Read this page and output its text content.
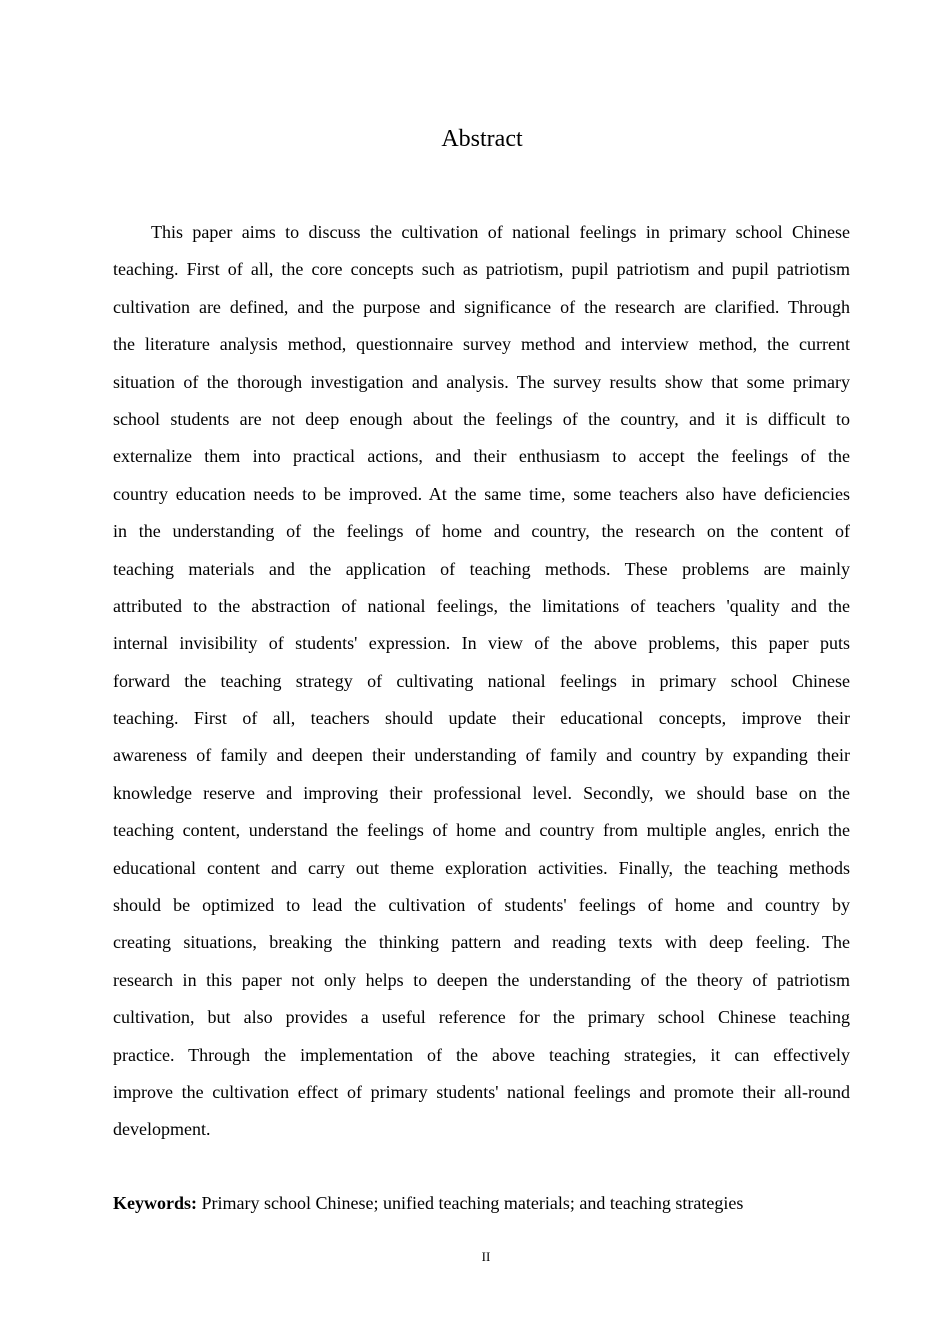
Abstract
This paper aims to discuss the cultivation of national feelings in primary school Chinese
teaching. First of all, the core concepts such as patriotism, pupil patriotism and pupil patriotism
cultivation are defined, and the purpose and significance of the research are clarified. Through
the literature analysis method, questionnaire survey method and interview method, the current
situation of the thorough investigation and analysis. The survey results show that some primary
school students are not deep enough about the feelings of the country, and it is difficult to
externalize them into practical actions, and their enthusiasm to accept the feelings of the
country education needs to be improved. At the same time, some teachers also have deficiencies
in the understanding of the feelings of home and country, the research on the content of
teaching materials and the application of teaching methods. These problems are mainly
attributed to the abstraction of national feelings, the limitations of teachers 'quality and the
internal invisibility of students' expression. In view of the above problems, this paper puts
forward the teaching strategy of cultivating national feelings in primary school Chinese
teaching. First of all, teachers should update their educational concepts, improve their
awareness of family and deepen their understanding of family and country by expanding their
knowledge reserve and improving their professional level. Secondly, we should base on the
teaching content, understand the feelings of home and country from multiple angles, enrich the
educational content and carry out theme exploration activities. Finally, the teaching methods
should be optimized to lead the cultivation of students' feelings of home and country by
creating situations, breaking the thinking pattern and reading texts with deep feeling. The
research in this paper not only helps to deepen the understanding of the theory of patriotism
cultivation, but also provides a useful reference for the primary school Chinese teaching
practice. Through the implementation of the above teaching strategies, it can effectively
improve the cultivation effect of primary students' national feelings and promote their all-round
development.

Keywords: Primary school Chinese; unified teaching materials; and teaching strategies

II
